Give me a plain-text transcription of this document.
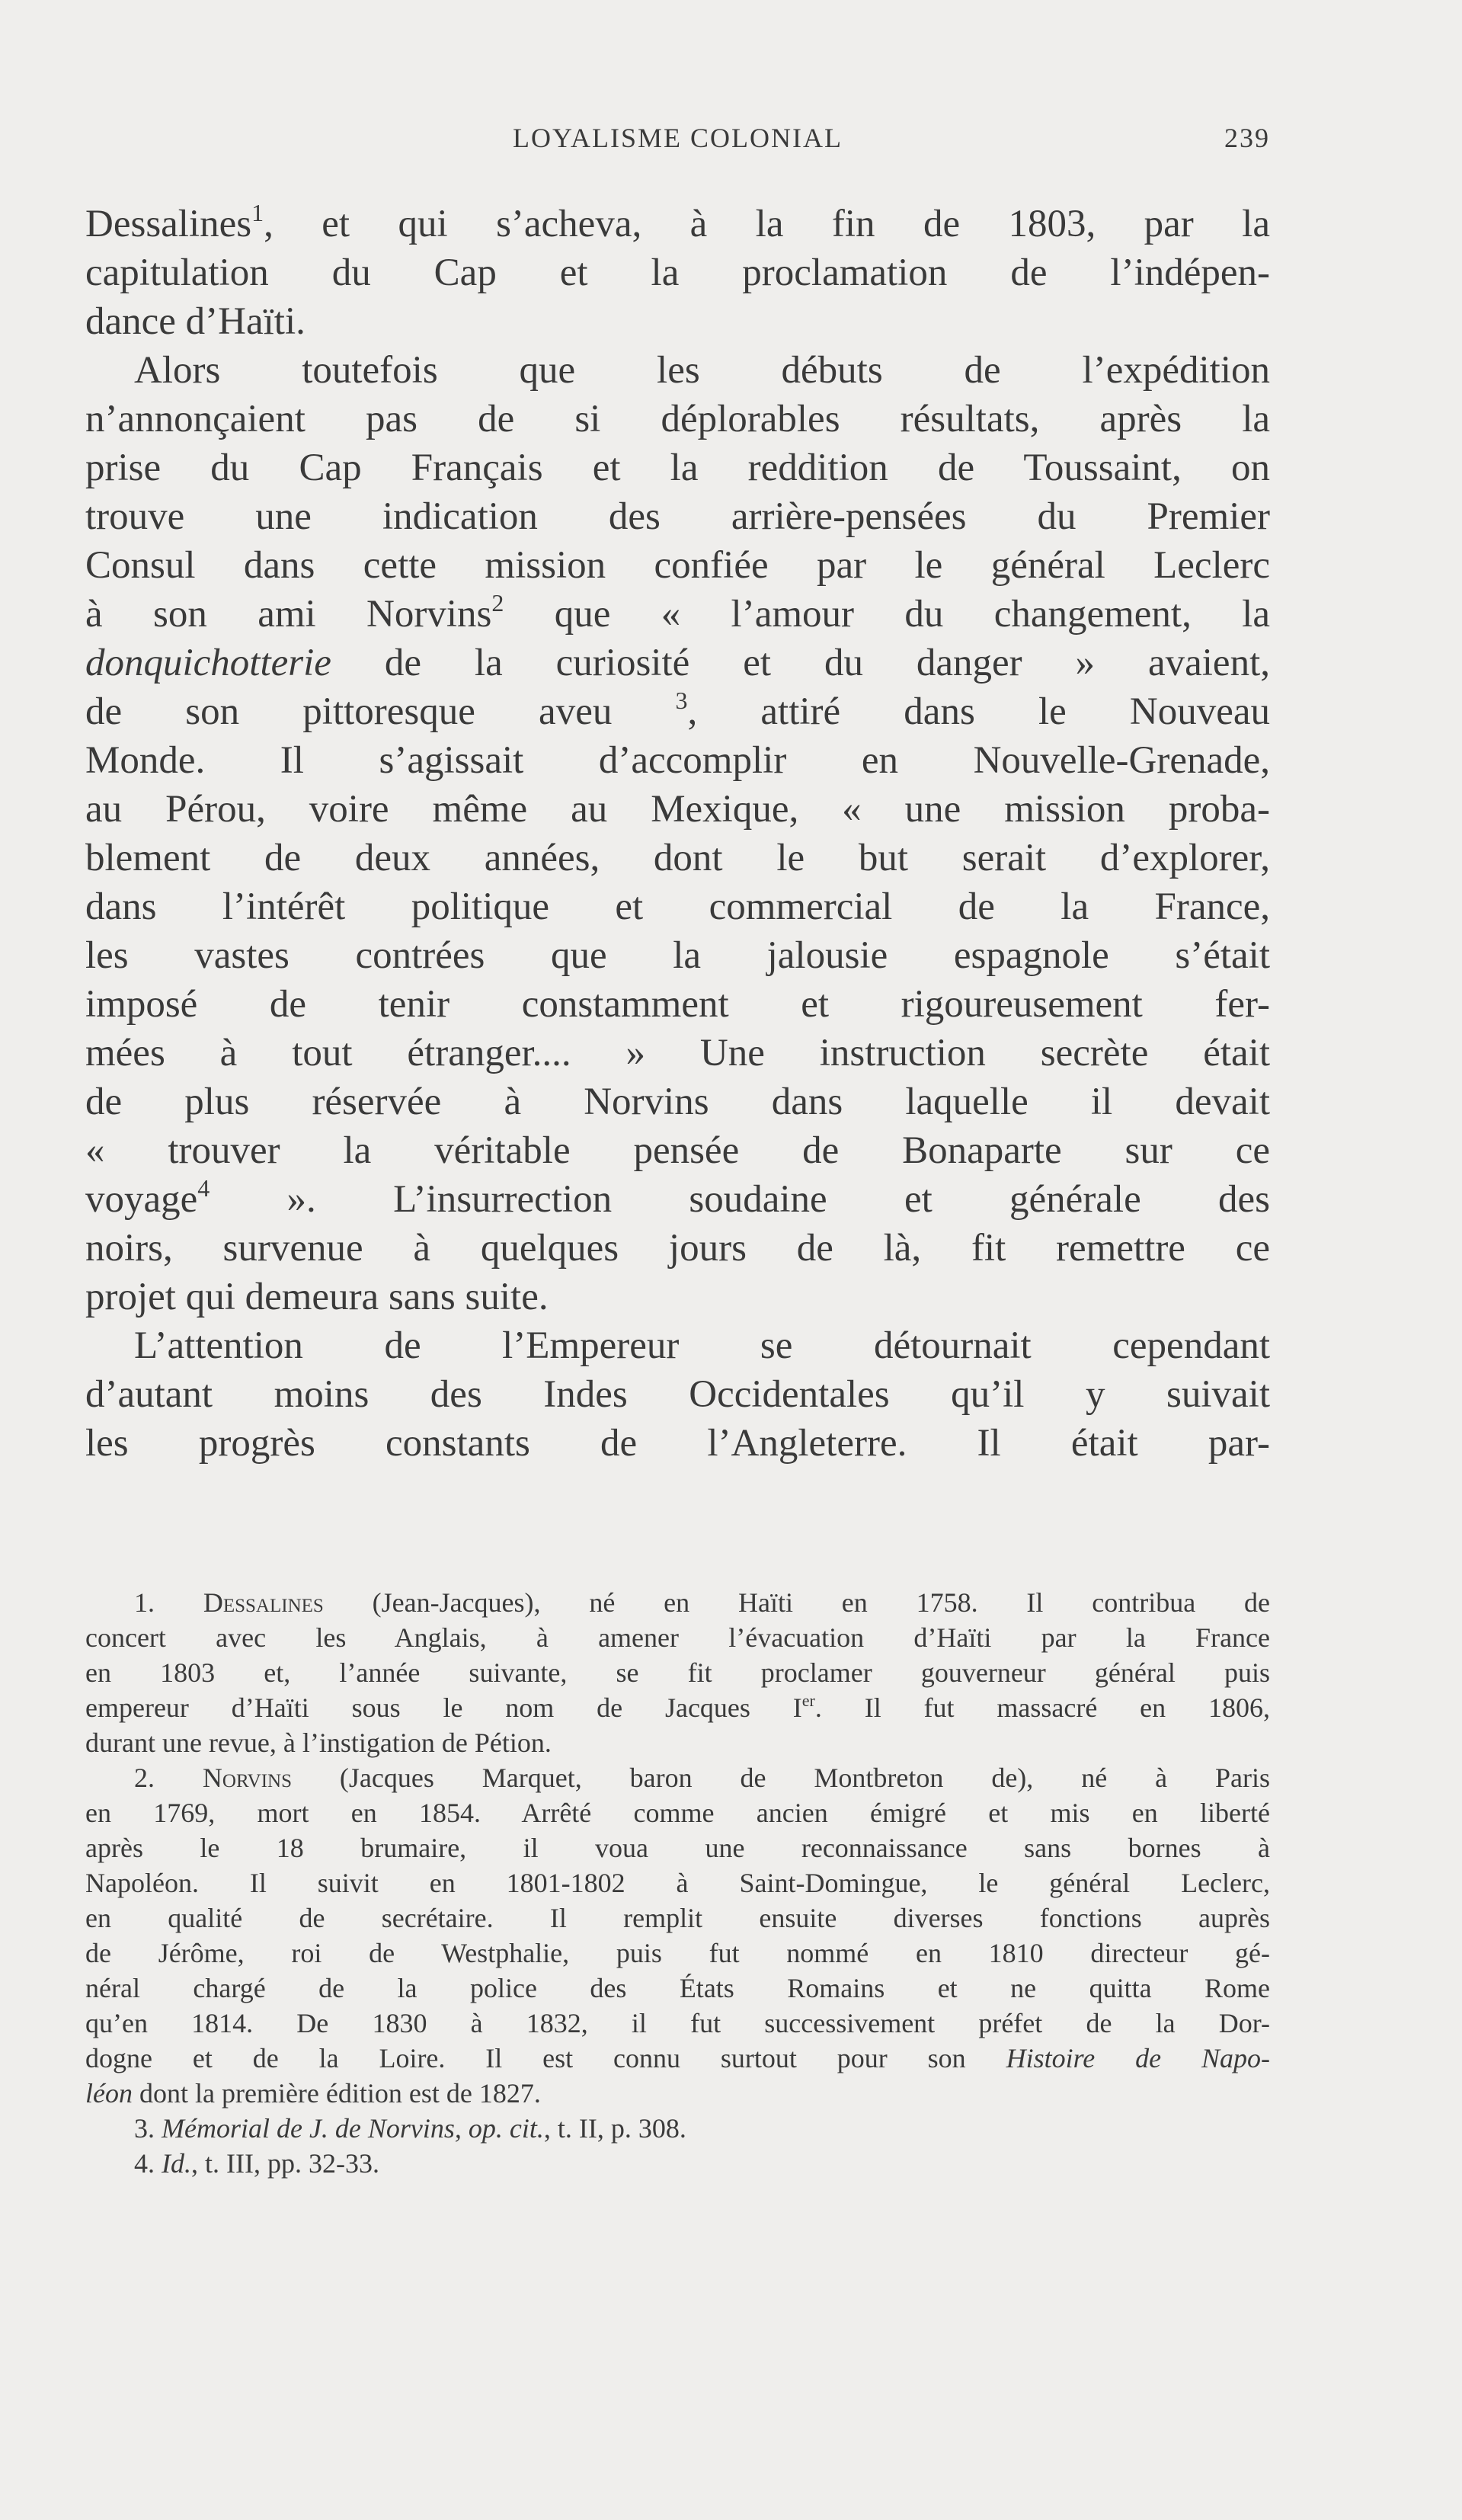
LOYALISME COLONIAL	239

Dessalines$^1$, et qui s’acheva, à la fin de 1803, par la

capitulation du Cap et la proclamation de l’indépen-

dance d’Haïti.

Alors toutefois que les débuts de l’expédition

n’annonçaient pas de si déplorables résultats, après la

prise du Cap Français et la reddition de Toussaint, on

trouve une indication des arrière-pensées du Premier

Consul dans cette mission confiée par le général Leclerc

à son ami Norvins$^2$ que « l’amour du changement, la

donquichotterie de la curiosité et du danger » avaient,

de son pittoresque aveu $^3$, attiré dans le Nouveau

Monde. Il s’agissait d’accomplir en Nouvelle-Grenade,

au Pérou, voire même au Mexique, « une mission proba-

blement de deux années, dont le but serait d’explorer,

dans l’intérêt politique et commercial de la France,

les vastes contrées que la jalousie espagnole s’était

imposé de tenir constamment et rigoureusement fer-

mées à tout étranger.... » Une instruction secrète était

de plus réservée à Norvins dans laquelle il devait

« trouver la véritable pensée de Bonaparte sur ce

voyage$^4$ ». L’insurrection soudaine et générale des

noirs, survenue à quelques jours de là, fit remettre ce

projet qui demeura sans suite.

L’attention de l’Empereur se détournait cependant

d’autant moins des Indes Occidentales qu’il y suivait

les progrès constants de l’Angleterre. Il était par-

1. Dessalines (Jean-Jacques), né en Haïti en 1758. Il contribua de

concert avec les Anglais, à amener l’évacuation d’Haïti par la France

en 1803 et, l’année suivante, se fit proclamer gouverneur général puis

empereur d’Haïti sous le nom de Jacques Ier. Il fut massacré en 1806,

durant une revue, à l’instigation de Pétion.

2. Norvins (Jacques Marquet, baron de Montbreton de), né à Paris

en 1769, mort en 1854. Arrêté comme ancien émigré et mis en liberté

après le 18 brumaire, il voua une reconnaissance sans bornes à

Napoléon. Il suivit en 1801-1802 à Saint-Domingue, le général Leclerc,

en qualité de secrétaire. Il remplit ensuite diverses fonctions auprès

de Jérôme, roi de Westphalie, puis fut nommé en 1810 directeur gé-

néral chargé de la police des États Romains et ne quitta Rome

qu’en 1814. De 1830 à 1832, il fut successivement préfet de la Dor-

dogne et de la Loire. Il est connu surtout pour son Histoire de Napo-

léon dont la première édition est de 1827.

3. Mémorial de J. de Norvins, op. cit., t. II, p. 308.

4. Id., t. III, pp. 32-33.
